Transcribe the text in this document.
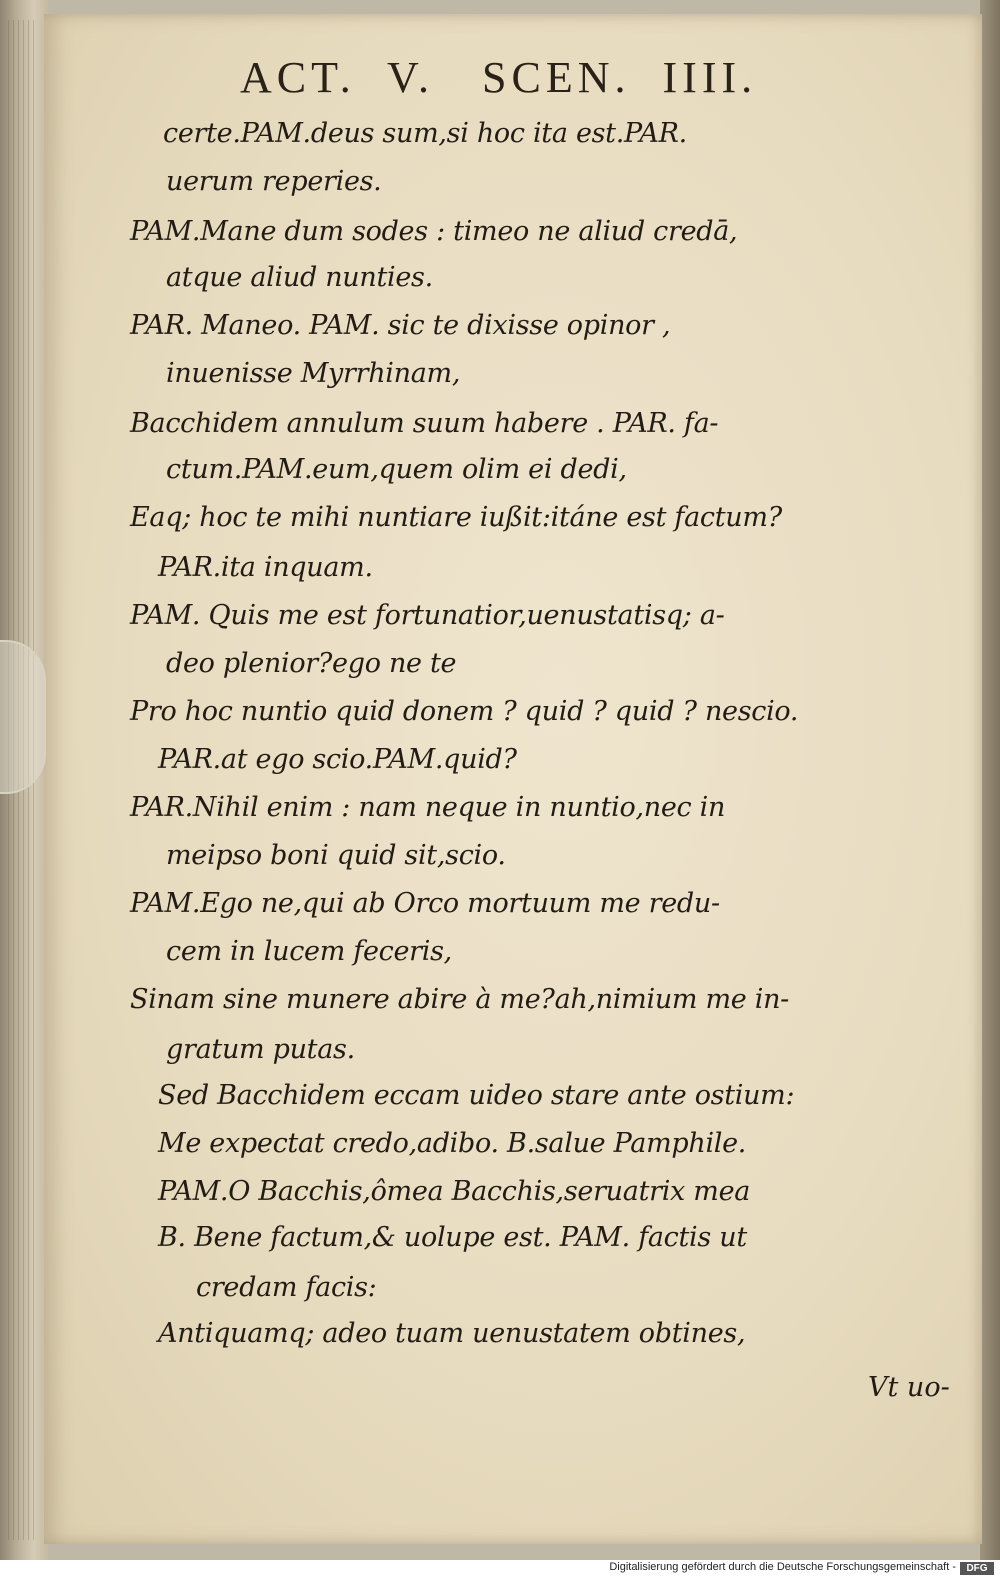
ACT.  V.   SCEN.  IIII.
certe.PAM.deus sum,si hoc ita est.PAR.
uerum reperies.
PAM.Mane dum sodes : timeo ne aliud credā,
atque aliud nunties.
PAR. Maneo. PAM. sic te dixisse opinor ,
inuenisse Myrrhinam,
Bacchidem annulum suum habere . PAR. fa-
ctum.PAM.eum,quem olim ei dedi,
Eaq; hoc te mihi nuntiare iußit:itáne est factum?
PAR.ita inquam.
PAM. Quis me est fortunatior,uenustatisq; a-
deo plenior?ego ne te
Pro hoc nuntio quid donem ? quid ? quid ? nescio.
PAR.at ego scio.PAM.quid?
PAR.Nihil enim : nam neque in nuntio,nec in
meipso boni quid sit,scio.
PAM.Ego ne,qui ab Orco mortuum me redu-
cem in lucem feceris,
Sinam sine munere abire à me?ah,nimium me in-
gratum putas.
Sed Bacchidem eccam uideo stare ante ostium:
Me expectat credo,adibo. B.salue Pamphile.
PAM.O Bacchis,ômea Bacchis,seruatrix mea
B. Bene factum,& uolupe est. PAM. factis ut
credam facis:
Antiquamq; adeo tuam uenustatem obtines,
Vt uo-
Digitalisierung gefördert durch die Deutsche Forschungsgemeinschaft -	DFG
